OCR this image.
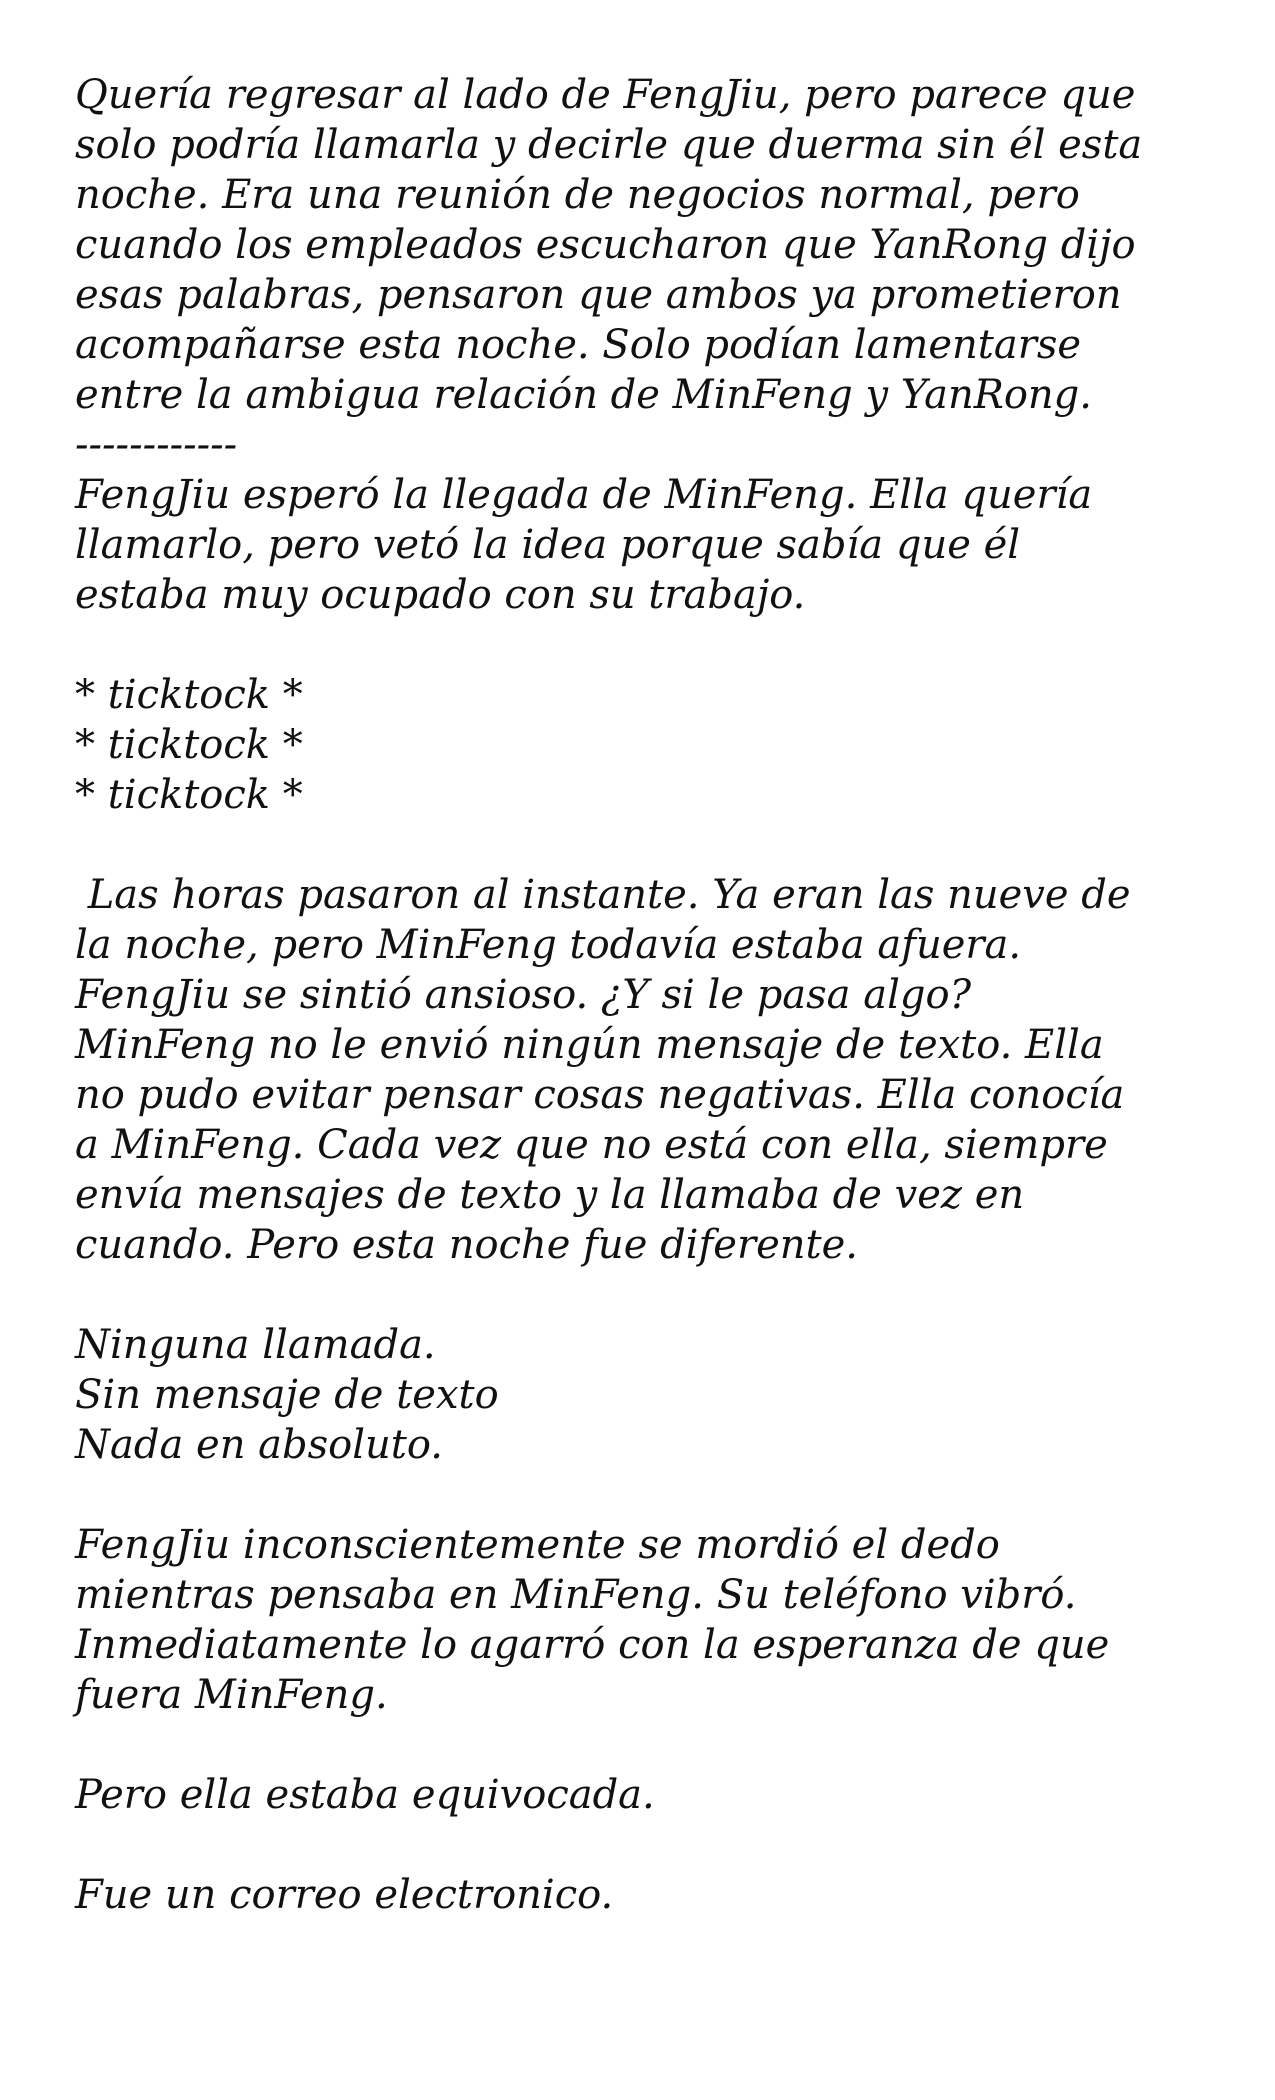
Quería regresar al lado de FengJiu, pero parece que
solo podría llamarla y decirle que duerma sin él esta
noche. Era una reunión de negocios normal, pero
cuando los empleados escucharon que YanRong dijo
esas palabras, pensaron que ambos ya prometieron
acompañarse esta noche. Solo podían lamentarse
entre la ambigua relación de MinFeng y YanRong.
------------
FengJiu esperó la llegada de MinFeng. Ella quería
llamarlo, pero vetó la idea porque sabía que él
estaba muy ocupado con su trabajo.
* ticktock *
* ticktock *
* ticktock *
Las horas pasaron al instante. Ya eran las nueve de
la noche, pero MinFeng todavía estaba afuera.
FengJiu se sintió ansioso. ¿Y si le pasa algo?
MinFeng no le envió ningún mensaje de texto. Ella
no pudo evitar pensar cosas negativas. Ella conocía
a MinFeng. Cada vez que no está con ella, siempre
envía mensajes de texto y la llamaba de vez en
cuando. Pero esta noche fue diferente.
Ninguna llamada.
Sin mensaje de texto
Nada en absoluto.
FengJiu inconscientemente se mordió el dedo
mientras pensaba en MinFeng. Su teléfono vibró.
Inmediatamente lo agarró con la esperanza de que
fuera MinFeng.
Pero ella estaba equivocada.
Fue un correo electronico.
